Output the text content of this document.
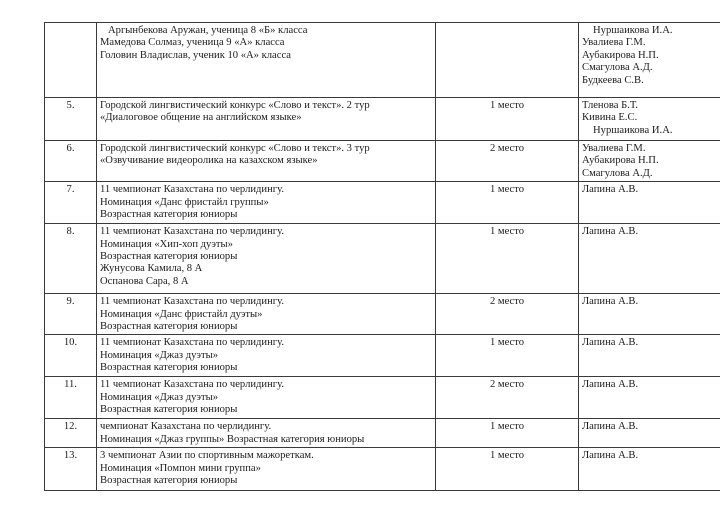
	Аргынбекова Аружан, ученица 8 «Б» класса
Мамедова Солмаз, ученица 9 «А» класса
Головин Владислав, ученик 10 «А» класса		Нуршаикова И.А.
Увалиева Г.М.
Аубакирова Н.П.
Смагулова А.Д.
Будкеева С.В.

5.	Городской лингвистический конкурс «Слово и текст». 2 тур
«Диалоговое общение на английском языке»	1 место	Тленова Б.Т.
Кивина Е.С.
Нуршаикова И.А.

6.	Городской лингвистический конкурс «Слово и текст». 3 тур
«Озвучивание видеоролика на казахском языке»	2 место	Увалиева Г.М.
Аубакирова Н.П.
Смагулова А.Д.

7.	11 чемпионат Казахстана по черлидингу.
Номинация «Данс фристайл группы»
Возрастная категория юниоры	1 место	Лапина А.В.

8.	11 чемпионат Казахстана по черлидингу.
Номинация «Хип-хоп дуэты»
Возрастная категория юниоры
Жунусова Камила, 8 А
Оспанова Сара, 8 А	1 место	Лапина А.В.

9.	11 чемпионат Казахстана по черлидингу.
Номинация «Данс фристайл дуэты»
Возрастная категория юниоры	2 место	Лапина А.В.

10.	11 чемпионат Казахстана по черлидингу.
Номинация «Джаз дуэты»
Возрастная категория юниоры	1 место	Лапина А.В.

11.	11 чемпионат Казахстана по черлидингу.
Номинация «Джаз дуэты»
Возрастная категория юниоры	2 место	Лапина А.В.

12.	чемпионат Казахстана по черлидингу.
Номинация «Джаз группы» Возрастная категория юниоры	1 место	Лапина А.В.

13.	3 чемпионат Азии по спортивным мажореткам.
Номинация «Помпон мини группа»
Возрастная категория юниоры	1 место	Лапина А.В.
